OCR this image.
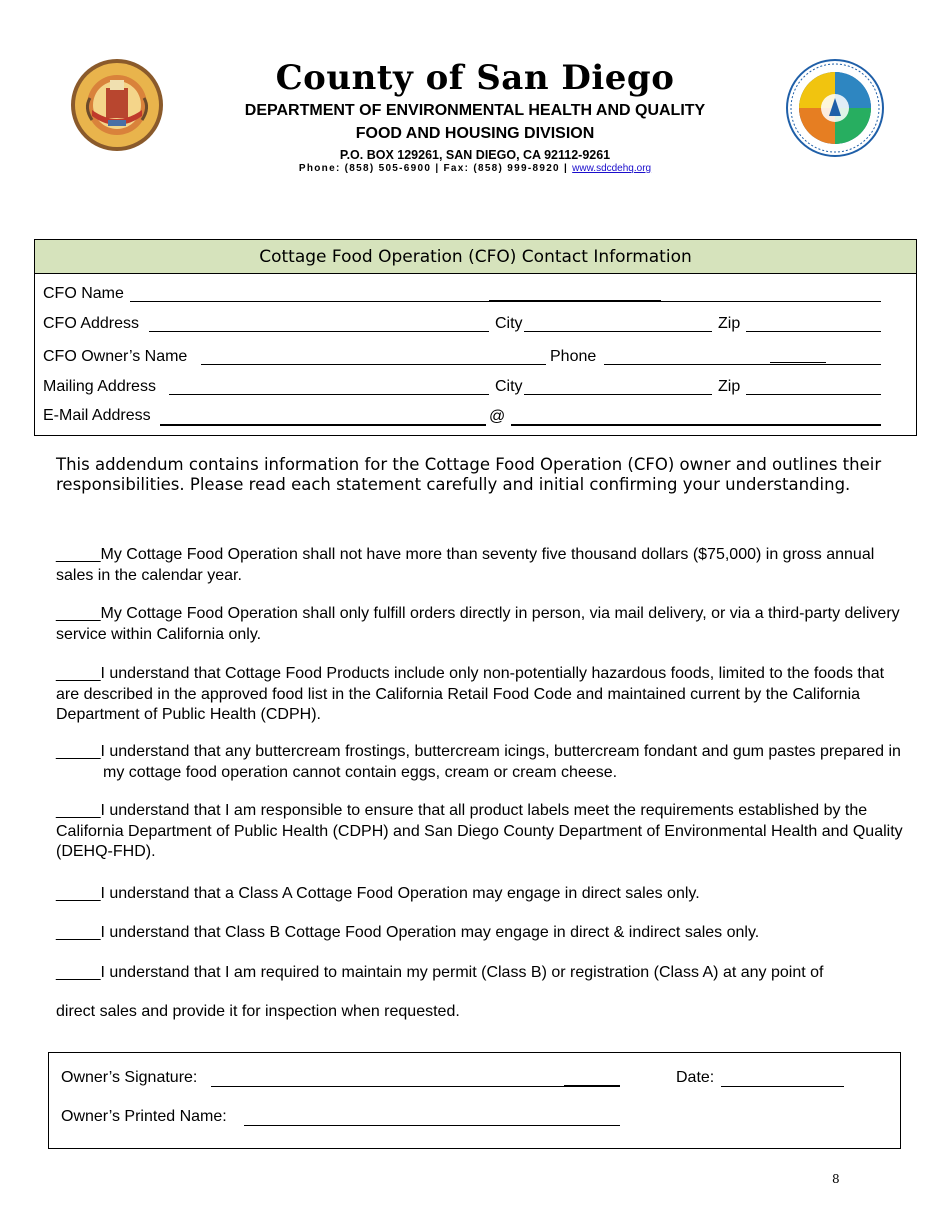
County of San Diego
DEPARTMENT OF ENVIRONMENTAL HEALTH AND QUALITY
FOOD AND HOUSING DIVISION
P.O. BOX 129261, SAN DIEGO, CA 92112-9261
Phone: (858) 505-6900 | Fax: (858) 999-8920 | www.sdcdehq.org
Cottage Food Operation (CFO) Contact Information
CFO Name
CFO Address	City	Zip
CFO Owner’s Name	Phone
Mailing Address	City	Zip
E-Mail Address	@
This addendum contains information for the Cottage Food Operation (CFO) owner and outlines their responsibilities. Please read each statement carefully and initial confirming your understanding.
_____My Cottage Food Operation shall not have more than seventy five thousand dollars ($75,000) in gross annual sales in the calendar year.
_____My Cottage Food Operation shall only fulfill orders directly in person, via mail delivery, or via a third-party delivery service within California only.
_____I understand that Cottage Food Products include only non-potentially hazardous foods, limited to the foods that are described in the approved food list in the California Retail Food Code and maintained current by the California Department of Public Health (CDPH).
_____I understand that any buttercream frostings, buttercream icings, buttercream fondant and gum pastes prepared in my cottage food operation cannot contain eggs, cream or cream cheese.
_____I understand that I am responsible to ensure that all product labels meet the requirements established by the California Department of Public Health (CDPH) and San Diego County Department of Environmental Health and Quality (DEHQ-FHD).
_____I understand that a Class A Cottage Food Operation may engage in direct sales only.
_____I understand that Class B Cottage Food Operation may engage in direct & indirect sales only.
_____I understand that I am required to maintain my permit (Class B) or registration (Class A) at any point of
direct sales and provide it for inspection when requested.
Owner’s Signature:	Date:
Owner’s Printed Name:
8
